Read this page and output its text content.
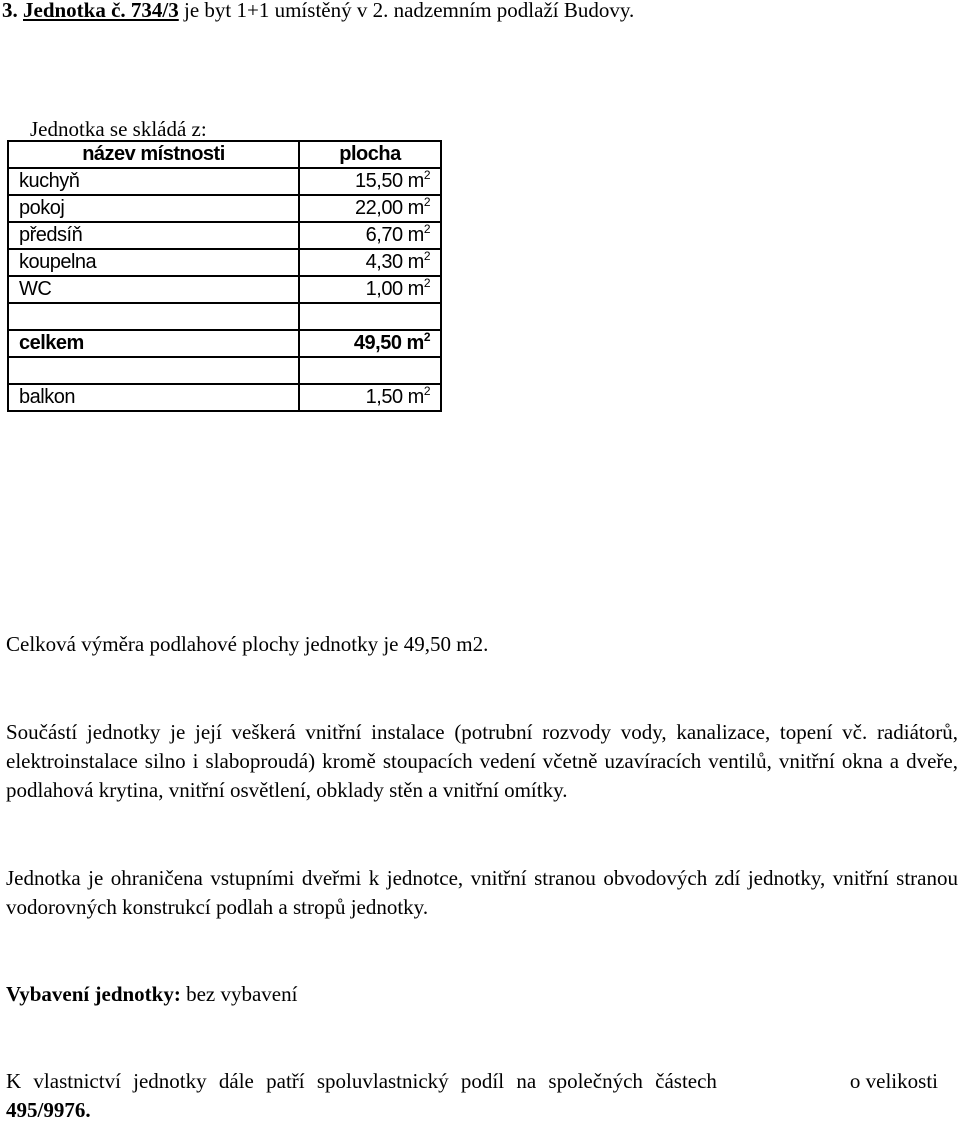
3. Jednotka č. 734/3 je byt 1+1 umístěný v 2. nadzemním podlaží Budovy.
Jednotka se skládá z:
název místnosti	plocha
kuchyň	15,50 $m^2$
pokoj	22,00 $m^2$
předsíň	6,70 $m^2$
koupelna	4,30 $m^2$
WC	1,00 $m^2$

celkem	49,50 $m^2$

balkon	1,50 $m^2$
Celková výměra podlahové plochy jednotky je 49,50 m2.
Součástí jednotky je její veškerá vnitřní instalace (potrubní rozvody vody, kanalizace, topení vč. radiátorů, elektroinstalace silno i slaboproudá) kromě stoupacích vedení včetně uzavíracích ventilů, vnitřní okna a dveře, podlahová krytina, vnitřní osvětlení, obklady stěn a vnitřní omítky.
Jednotka je ohraničena vstupními dveřmi k jednotce, vnitřní stranou obvodových zdí jednotky, vnitřní stranou vodorovných konstrukcí podlah a stropů jednotky.
Vybavení jednotky: bez vybavení
K vlastnictví jednotky dále patří spoluvlastnický podíl na společných částech	o velikosti
495/9976.
